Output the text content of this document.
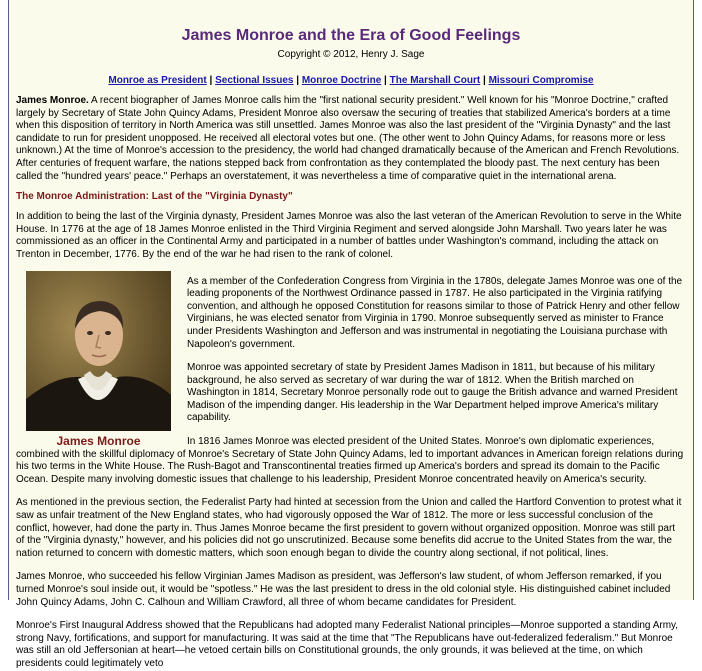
James Monroe and the Era of Good Feelings
Copyright © 2012, Henry J. Sage
Monroe as President | Sectional Issues | Monroe Doctrine | The Marshall Court | Missouri Compromise

James Monroe. A recent biographer of James Monroe calls him the "first national security president." Well known for his "Monroe Doctrine," crafted largely by Secretary of State John Quincy Adams, President Monroe also oversaw the securing of treaties that stabilized America's borders at a time when this disposition of territory in North America was still unsettled. James Monroe was also the last president of the "Virginia Dynasty" and the last candidate to run for president unopposed. He received all electoral votes but one. (The other went to John Quincy Adams, for reasons more or less unknown.) At the time of Monroe's accession to the presidency, the world had changed dramatically because of the American and French Revolutions. After centuries of frequent warfare, the nations stepped back from confrontation as they contemplated the bloody past. The next century has been called the "hundred years' peace." Perhaps an overstatement, it was nevertheless a time of comparative quiet in the international arena.

The Monroe Administration: Last of the "Virginia Dynasty"

In addition to being the last of the Virginia dynasty, President James Monroe was also the last veteran of the American Revolution to serve in the White House. In 1776 at the age of 18 James Monroe enlisted in the Third Virginia Regiment and served alongside John Marshall. Two years later he was commissioned as an officer in the Continental Army and participated in a number of battles under Washington's command, including the attack on Trenton in December, 1776. By the end of the war he had risen to the rank of colonel.

James Monroe

As a member of the Confederation Congress from Virginia in the 1780s, delegate James Monroe was one of the leading proponents of the Northwest Ordinance passed in 1787. He also participated in the Virginia ratifying convention, and although he opposed Constitution for reasons similar to those of Patrick Henry and other fellow Virginians, he was elected senator from Virginia in 1790. Monroe subsequently served as minister to France under Presidents Washington and Jefferson and was instrumental in negotiating the Louisiana purchase with Napoleon's government.

Monroe was appointed secretary of state by President James Madison in 1811, but because of his military background, he also served as secretary of war during the war of 1812. When the British marched on Washington in 1814, Secretary Monroe personally rode out to gauge the British advance and warned President Madison of the impending danger. His leadership in the War Department helped improve America's military capability.

In 1816 James Monroe was elected president of the United States. Monroe's own diplomatic experiences, combined with the skillful diplomacy of Monroe's Secretary of State John Quincy Adams, led to important advances in American foreign relations during his two terms in the White House. The Rush-Bagot and Transcontinental treaties firmed up America's borders and spread its domain to the Pacific Ocean. Despite many involving domestic issues that challenge to his leadership, President Monroe concentrated heavily on America's security.

As mentioned in the previous section, the Federalist Party had hinted at secession from the Union and called the Hartford Convention to protest what it saw as unfair treatment of the New England states, who had vigorously opposed the War of 1812. The more or less successful conclusion of the conflict, however, had done the party in. Thus James Monroe became the first president to govern without organized opposition. Monroe was still part of the "Virginia dynasty," however, and his policies did not go unscrutinized. Because some benefits did accrue to the United States from the war, the nation returned to concern with domestic matters, which soon enough began to divide the country along sectional, if not political, lines.

James Monroe, who succeeded his fellow Virginian James Madison as president, was Jefferson's law student, of whom Jefferson remarked, if you turned Monroe's soul inside out, it would be "spotless." He was the last president to dress in the old colonial style. His distinguished cabinet included John Quincy Adams, John C. Calhoun and William Crawford, all three of whom became candidates for President.

Monroe's First Inaugural Address showed that the Republicans had adopted many Federalist National principles—Monroe supported a standing Army, strong Navy, fortifications, and support for manufacturing. It was said at the time that "The Republicans have out-federalized federalism." But Monroe was still an old Jeffersonian at heart—he vetoed certain bills on Constitutional grounds, the only grounds, it was believed at the time, on which presidents could legitimately veto
